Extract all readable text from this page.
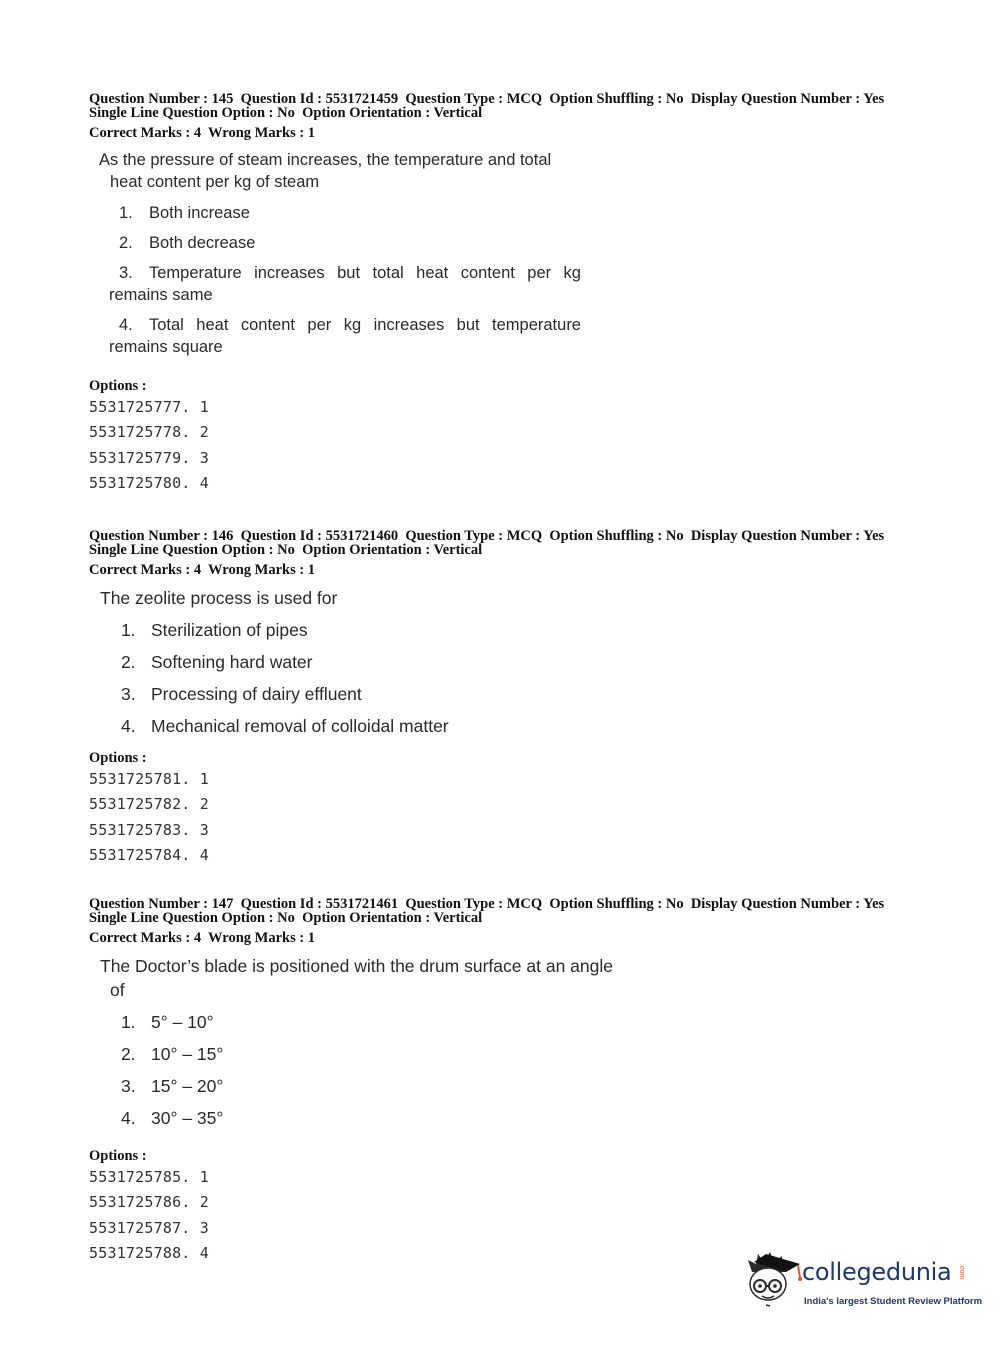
Question Number : 145  Question Id : 5531721459  Question Type : MCQ  Option Shuffling : No  Display Question Number : Yes
Single Line Question Option : No  Option Orientation : Vertical
Correct Marks : 4  Wrong Marks : 1
As the pressure of steam increases, the temperature and total
heat content per kg of steam
1. Both increase
2. Both decrease
3. Temperature increases but total heat content per kg
remains same
4. Total heat content per kg increases but temperature
remains square
Options :
5531725777. 1
5531725778. 2
5531725779. 3
5531725780. 4
Question Number : 146  Question Id : 5531721460  Question Type : MCQ  Option Shuffling : No  Display Question Number : Yes
Single Line Question Option : No  Option Orientation : Vertical
Correct Marks : 4  Wrong Marks : 1
The zeolite process is used for
1. Sterilization of pipes
2. Softening hard water
3. Processing of dairy effluent
4. Mechanical removal of colloidal matter
Options :
5531725781. 1
5531725782. 2
5531725783. 3
5531725784. 4
Question Number : 147  Question Id : 5531721461  Question Type : MCQ  Option Shuffling : No  Display Question Number : Yes
Single Line Question Option : No  Option Orientation : Vertical
Correct Marks : 4  Wrong Marks : 1
The Doctor’s blade is positioned with the drum surface at an angle
of
1. 5° – 10°
2. 10° – 15°
3. 15° – 20°
4. 30° – 35°
Options :
5531725785. 1
5531725786. 2
5531725787. 3
5531725788. 4
collegedunia .com
India's largest Student Review Platform
